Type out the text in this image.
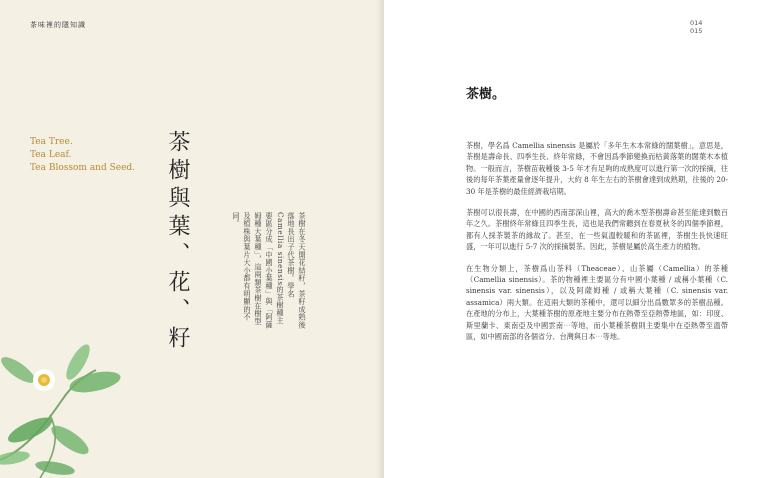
茶味裡的隱知識
Tea Tree.
Tea Leaf.
Tea Blossom and Seed. 茶樹與葉、花、籽	茶樹在冬天開花結籽，茶籽成熟後落地長出子代茶樹。學名Camellia sinensis的茶樹種主要區分成「中國小葉種」與「阿薩姆種大葉種」，這兩類茶樹在樹型及植株與葉片大小都有明顯的不同。
014 015
茶樹。

茶樹，學名爲 Camellia sinensis 是屬於「多年生木本常綠的闊葉樹」，意思是，茶樹是壽命長、四季生長、終年常綠，不會因爲季節變換而枯黃落葉的闊葉木本植物。一般而言，茶樹苗栽種後 3-5 年才有足夠的成熟度可以進行第一次的採摘，往後的每年茶葉產量會逐年提升，大約 8 年生左右的茶樹會達到成熟期，往後的 20-30 年是茶樹的最佳經濟栽培期。

茶樹可以很長壽，在中國的西南部深山裡，高大的喬木型茶樹壽命甚至能達到數百年之久。茶樹終年常綠且四季生長，這也是我們常聽到在春夏秋冬的四個季節裡，都有人採茶製茶的緣故了。甚至，在一些氣溫較暖和的茶區裡，茶樹生長快速旺盛，一年可以進行 5-7 次的採摘製茶。因此，茶樹是屬於高生產力的植物。

在生物分類上，茶樹爲山茶科（Theaceae）、山茶屬（Camellia）的茶種（Camellia sinensis）。茶的物種裡主要區分有中國小葉種 / 或稱小葉種（C. sinensis var. sinensis），以及阿薩姆種 / 或稱大葉種（C. sinensis var. assamica）兩大類。在這兩大類的茶種中，還可以細分出爲數眾多的茶樹品種。在產地的分布上，大葉種茶樹的原產地主要分布在熱帶至亞熱帶地區，如：印度、斯里蘭卡、東南亞及中國雲南⋯等地，而小葉種茶樹則主要集中在亞熱帶至溫帶區，如中國南部的各個省分、台灣與日本⋯等地。
